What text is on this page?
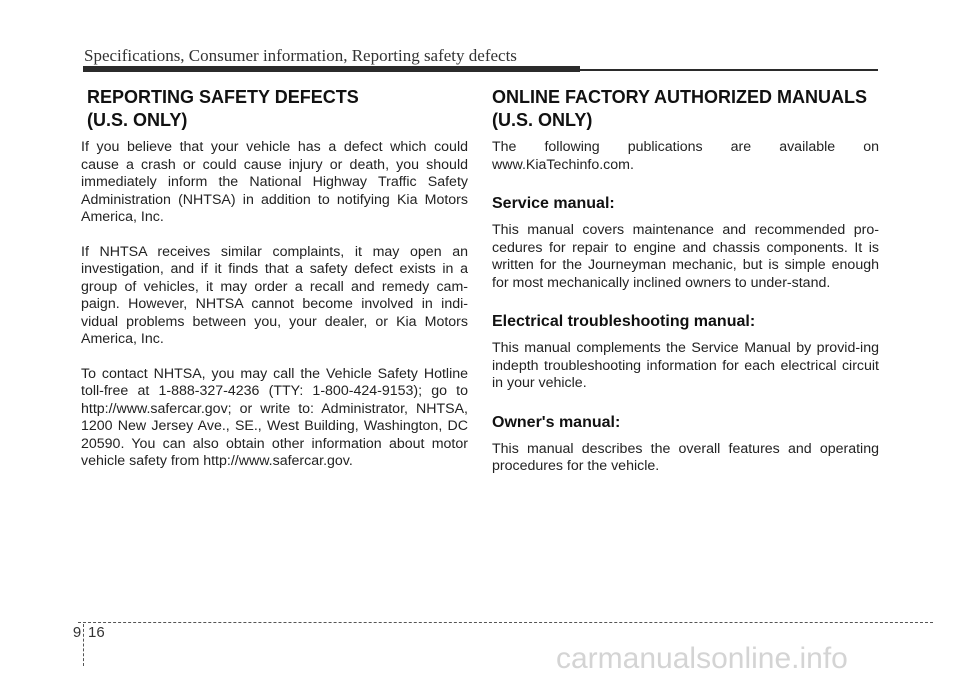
Specifications, Consumer information, Reporting safety defects
REPORTING SAFETY DEFECTS
(U.S. ONLY)

If you believe that your vehicle has a defect which could cause a crash or could cause injury or death, you should immediately inform the National Highway Traffic Safety Administration (NHTSA) in addition to notifying Kia Motors America, Inc.

If NHTSA receives similar complaints, it may open an investigation, and if it finds that a safety defect exists in a group of vehicles, it may order a recall and remedy cam-paign. However, NHTSA cannot become involved in indi-vidual problems between you, your dealer, or Kia Motors America, Inc.

To contact NHTSA, you may call the Vehicle Safety Hotline toll-free at 1-888-327-4236 (TTY: 1-800-424-9153); go to http://www.safercar.gov; or write to: Administrator, NHTSA, 1200 New Jersey Ave., SE., West Building, Washington, DC 20590. You can also obtain other information about motor vehicle safety from http://www.safercar.gov.

ONLINE FACTORY AUTHORIZED MANUALS
(U.S. ONLY)

The following publications are available on www.KiaTechinfo.com.

Service manual:

This manual covers maintenance and recommended pro-cedures for repair to engine and chassis components. It is written for the Journeyman mechanic, but is simple enough for most mechanically inclined owners to under-stand.

Electrical troubleshooting manual:

This manual complements the Service Manual by provid-ing indepth troubleshooting information for each electrical circuit in your vehicle.

Owner's manual:

This manual describes the overall features and operating procedures for the vehicle.

9 16
carmanualsonline.info
